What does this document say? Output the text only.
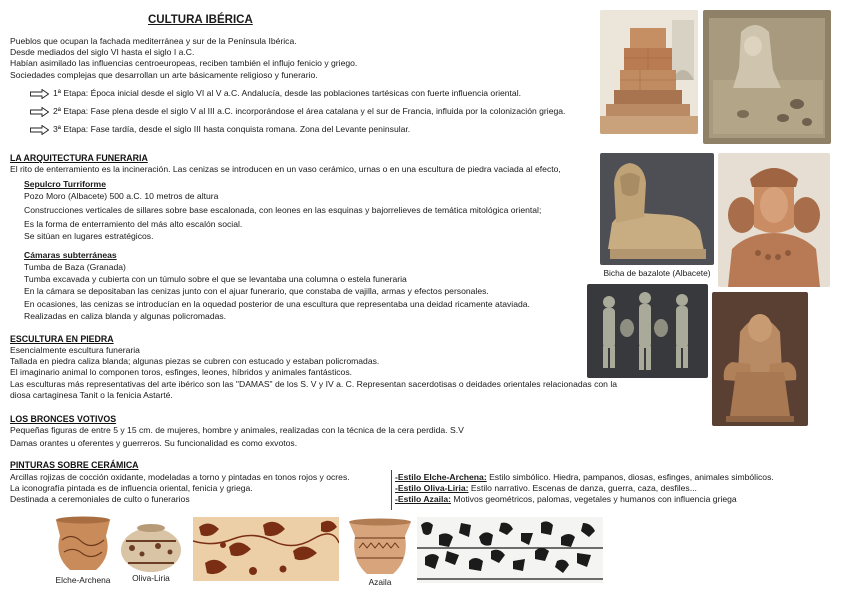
CULTURA IBÉRICA
Pueblos que ocupan la fachada mediterránea y sur de la Península Ibérica.
Desde mediados del siglo VI hasta el siglo I a.C.
Habían asimilado las influencias centroeuropeas, reciben también el influjo fenicio y griego.
Sociedades complejas que desarrollan un arte básicamente religioso y funerario.
1ª Etapa: Época inicial desde el siglo VI al V a.C. Andalucía, desde las poblaciones tartésicas con fuerte influencia oriental.
2ª Etapa: Fase plena desde el siglo V al III a.C. incorporándose el área catalana y el sur de Francia, influida por la colonización griega.
3ª Etapa: Fase tardía, desde el siglo III hasta conquista romana. Zona del Levante peninsular.
LA ARQUITECTURA FUNERARIA
El rito de enterramiento es la incineración. Las cenizas se introducen en un vaso cerámico, urnas o en una escultura de piedra vaciada al efecto,
Sepulcro Turriforme
Pozo Moro (Albacete) 500 a.C. 10 metros de altura
Construcciones verticales de sillares sobre base escalonada, con leones en las esquinas y bajorrelieves de temática mitológica oriental;
Es la forma de enterramiento del más alto escalón social.
Se sitúan en lugares estratégicos.
Cámaras subterráneas
Tumba de Baza (Granada)
Tumba excavada y cubierta con un túmulo sobre el que se levantaba una columna o estela funeraria
En la cámara se depositaban las cenizas junto con el ajuar funerario, que constaba de vajilla, armas y efectos personales.
En ocasiones, las cenizas se introducían en la oquedad posterior de una escultura que representaba una deidad ricamente ataviada.
Realizadas en caliza blanda y algunas policromadas.
ESCULTURA EN PIEDRA
Esencialmente escultura funeraria
Tallada en piedra caliza blanda; algunas piezas se cubren con estucado y estaban policromadas.
El imaginario animal lo componen toros, esfinges, leones, híbridos y animales fantásticos.
Las esculturas más representativas del arte ibérico son las "DAMAS" de los S. V y IV a. C. Representan sacerdotisas o deidades orientales relacionadas con la
diosa cartaginesa Tanit o la fenicia Astarté.
LOS BRONCES VOTIVOS
Pequeñas figuras de entre 5 y 15 cm. de mujeres, hombre y animales, realizadas con la técnica de la cera perdida. S.V
Damas orantes u oferentes y guerreros. Su funcionalidad es como exvotos.
PINTURAS SOBRE CERÁMICA
Arcillas rojizas de cocción oxidante, modeladas a torno y pintadas en tonos rojos y ocres.
La iconografía pintada es de influencia oriental, fenicia y griega.
Destinada a ceremoniales de culto o funerarios
-Estilo Elche-Archena: Estilo simbólico. Hiedra, pampanos, diosas, esfinges, animales simbólicos.
-Estilo Oliva-Liria: Estilo narrativo. Escenas de danza, guerra, caza, desfiles...
-Estilo Azaila: Motivos geométricos, palomas, vegetales y humanos con influencia griega
Bicha de bazalote (Albacete)
Elche-Archena	Oliva-Liria	Azaila
